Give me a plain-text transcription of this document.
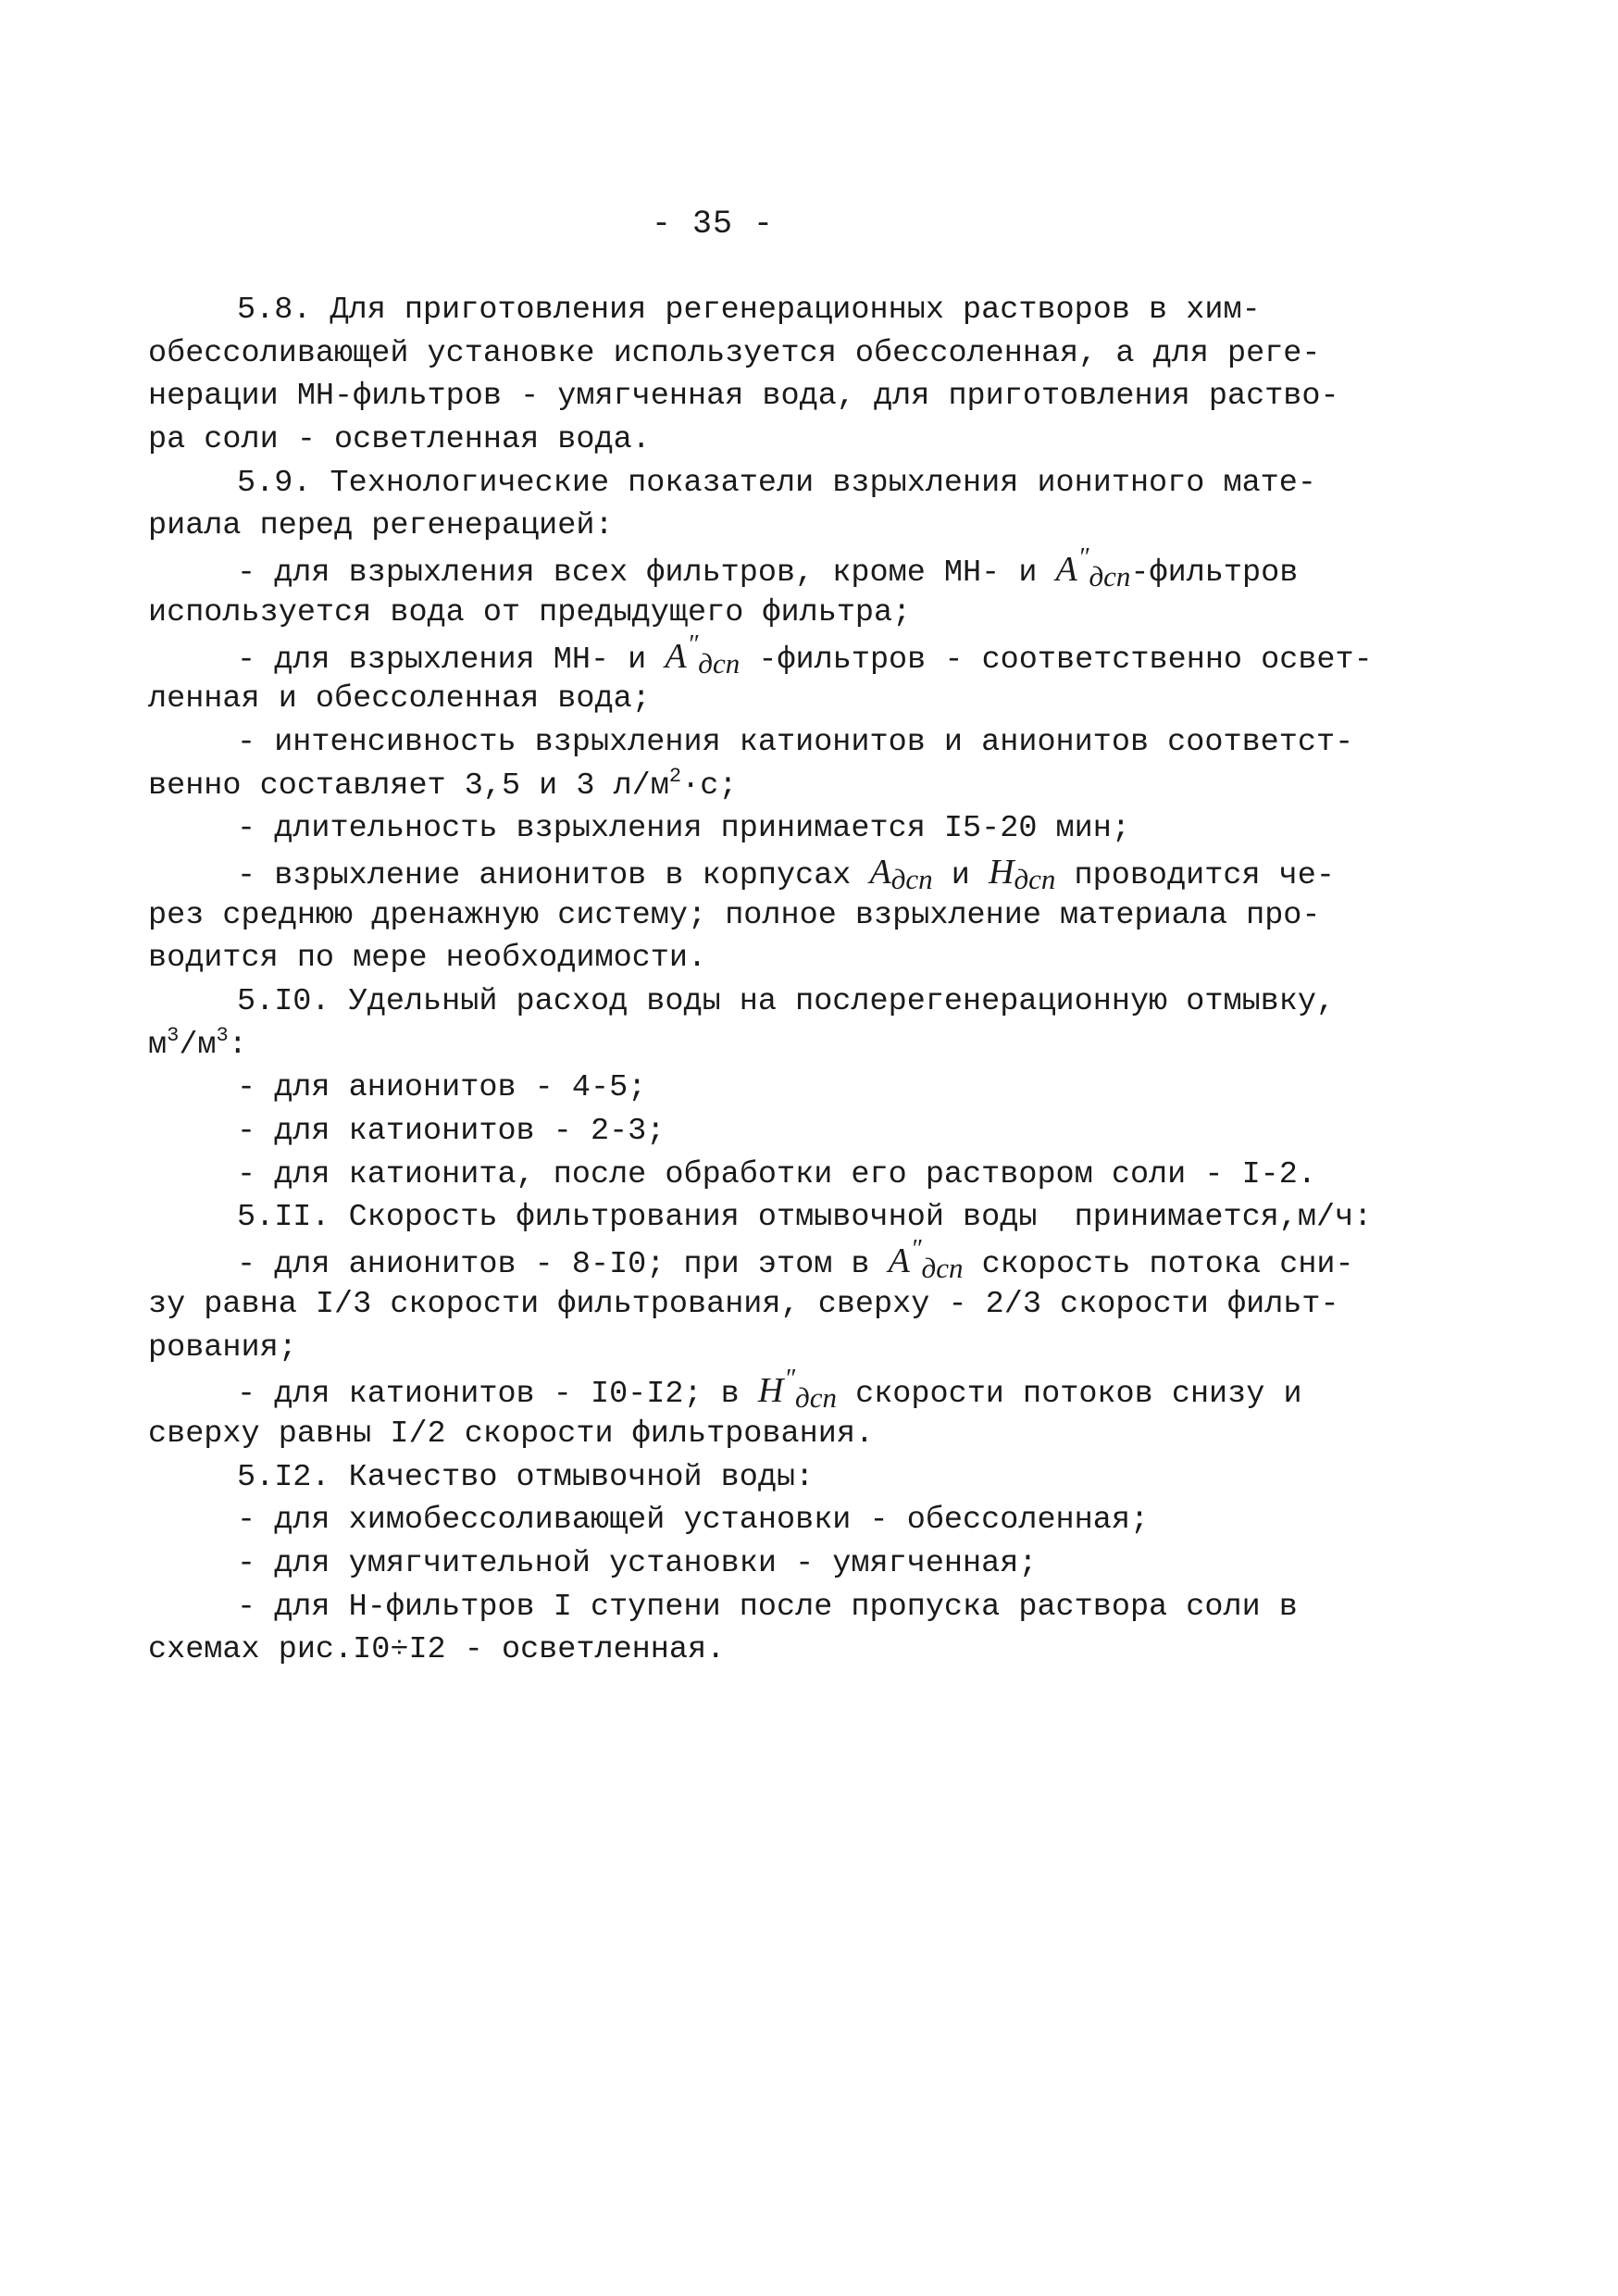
- 35 -
5.8. Для приготовления регенерационных растворов в хим-
обессоливающей установке используется обессоленная, а для реге-
нерации МН-фильтров - умягченная вода, для приготовления раство-
ра соли - осветленная вода.
5.9. Технологические показатели взрыхления ионитного мате-
риала перед регенерацией:
- для взрыхления всех фильтров, кроме МН- и А″дсп-фильтров
используется вода от предыдущего фильтра;
- для взрыхления МН- и А″дсп -фильтров - соответственно освет-
ленная и обессоленная вода;
- интенсивность взрыхления катионитов и анионитов соответст-
венно составляет 3,5 и 3 $л/м^2\cdot с$;
- длительность взрыхления принимается I5-20 мин;
- взрыхление анионитов в корпусах Адсп и Ндсп проводится че-
рез среднюю дренажную систему; полное взрыхление материала про-
водится по мере необходимости.
5.I0. Удельный расход воды на послерегенерационную отмывку,
$м^3/м^3$:
- для анионитов - 4-5;
- для катионитов - 2-3;
- для катионита, после обработки его раствором соли - I-2.
5.II. Скорость фильтрования отмывочной воды  принимается,м/ч:
- для анионитов - 8-I0; при этом в А″дсп скорость потока сни-
зу равна I/3 скорости фильтрования, сверху - 2/3 скорости фильт-
рования;
- для катионитов - I0-I2; в Н″дсп скорости потоков снизу и
сверху равны I/2 скорости фильтрования.
5.I2. Качество отмывочной воды:
- для химобессоливающей установки - обессоленная;
- для умягчительной установки - умягченная;
- для Н-фильтров I ступени после пропуска раствора соли в
схемах рис.I0÷I2 - осветленная.
